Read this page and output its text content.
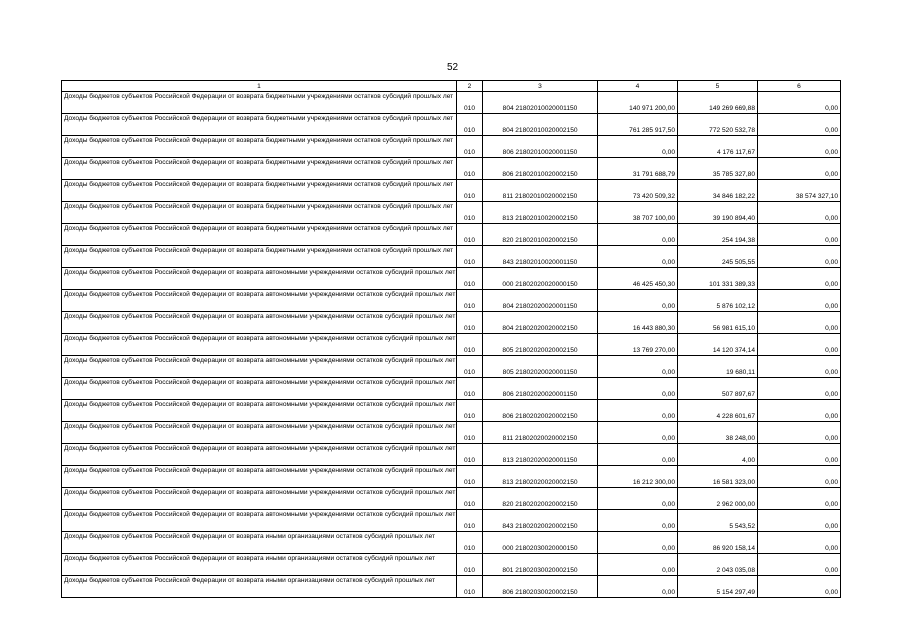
52
1	2	3	4	5	6
Доходы бюджетов субъектов Российской Федерации от возврата бюджетными учреждениями остатков субсидий прошлых лет	010	804 21802010020001150	140 971 200,00	149 269 669,88	0,00
Доходы бюджетов субъектов Российской Федерации от возврата бюджетными учреждениями остатков субсидий прошлых лет	010	804 21802010020002150	761 285 917,50	772 520 532,78	0,00
Доходы бюджетов субъектов Российской Федерации от возврата бюджетными учреждениями остатков субсидий прошлых лет	010	806 21802010020001150	0,00	4 176 117,67	0,00
Доходы бюджетов субъектов Российской Федерации от возврата бюджетными учреждениями остатков субсидий прошлых лет	010	806 21802010020002150	31 791 688,79	35 785 327,80	0,00
Доходы бюджетов субъектов Российской Федерации от возврата бюджетными учреждениями остатков субсидий прошлых лет	010	811 21802010020002150	73 420 509,32	34 846 182,22	38 574 327,10
Доходы бюджетов субъектов Российской Федерации от возврата бюджетными учреждениями остатков субсидий прошлых лет	010	813 21802010020002150	38 707 100,00	39 190 894,40	0,00
Доходы бюджетов субъектов Российской Федерации от возврата бюджетными учреждениями остатков субсидий прошлых лет	010	820 21802010020002150	0,00	254 194,38	0,00
Доходы бюджетов субъектов Российской Федерации от возврата бюджетными учреждениями остатков субсидий прошлых лет	010	843 21802010020001150	0,00	245 505,55	0,00
Доходы бюджетов субъектов Российской Федерации от возврата автономными учреждениями остатков субсидий прошлых лет	010	000 21802020020000150	46 425 450,30	101 331 389,33	0,00
Доходы бюджетов субъектов Российской Федерации от возврата автономными учреждениями остатков субсидий прошлых лет	010	804 21802020020001150	0,00	5 876 102,12	0,00
Доходы бюджетов субъектов Российской Федерации от возврата автономными учреждениями остатков субсидий прошлых лет	010	804 21802020020002150	16 443 880,30	56 981 615,10	0,00
Доходы бюджетов субъектов Российской Федерации от возврата автономными учреждениями остатков субсидий прошлых лет	010	805 21802020020002150	13 769 270,00	14 120 374,14	0,00
Доходы бюджетов субъектов Российской Федерации от возврата автономными учреждениями остатков субсидий прошлых лет	010	805 21802020020001150	0,00	19 680,11	0,00
Доходы бюджетов субъектов Российской Федерации от возврата автономными учреждениями остатков субсидий прошлых лет	010	806 21802020020001150	0,00	507 897,67	0,00
Доходы бюджетов субъектов Российской Федерации от возврата автономными учреждениями остатков субсидий прошлых лет	010	806 21802020020002150	0,00	4 228 601,67	0,00
Доходы бюджетов субъектов Российской Федерации от возврата автономными учреждениями остатков субсидий прошлых лет	010	811 21802020020002150	0,00	38 248,00	0,00
Доходы бюджетов субъектов Российской Федерации от возврата автономными учреждениями остатков субсидий прошлых лет	010	813 21802020020001150	0,00	4,00	0,00
Доходы бюджетов субъектов Российской Федерации от возврата автономными учреждениями остатков субсидий прошлых лет	010	813 21802020020002150	16 212 300,00	16 581 323,00	0,00
Доходы бюджетов субъектов Российской Федерации от возврата автономными учреждениями остатков субсидий прошлых лет	010	820 21802020020002150	0,00	2 962 000,00	0,00
Доходы бюджетов субъектов Российской Федерации от возврата автономными учреждениями остатков субсидий прошлых лет	010	843 21802020020002150	0,00	5 543,52	0,00
Доходы бюджетов субъектов Российской Федерации от возврата иными организациями остатков субсидий прошлых лет	010	000 21802030020000150	0,00	86 920 158,14	0,00
Доходы бюджетов субъектов Российской Федерации от возврата иными организациями остатков субсидий прошлых лет	010	801 21802030020002150	0,00	2 043 035,08	0,00
Доходы бюджетов субъектов Российской Федерации от возврата иными организациями остатков субсидий прошлых лет	010	806 21802030020002150	0,00	5 154 297,49	0,00
